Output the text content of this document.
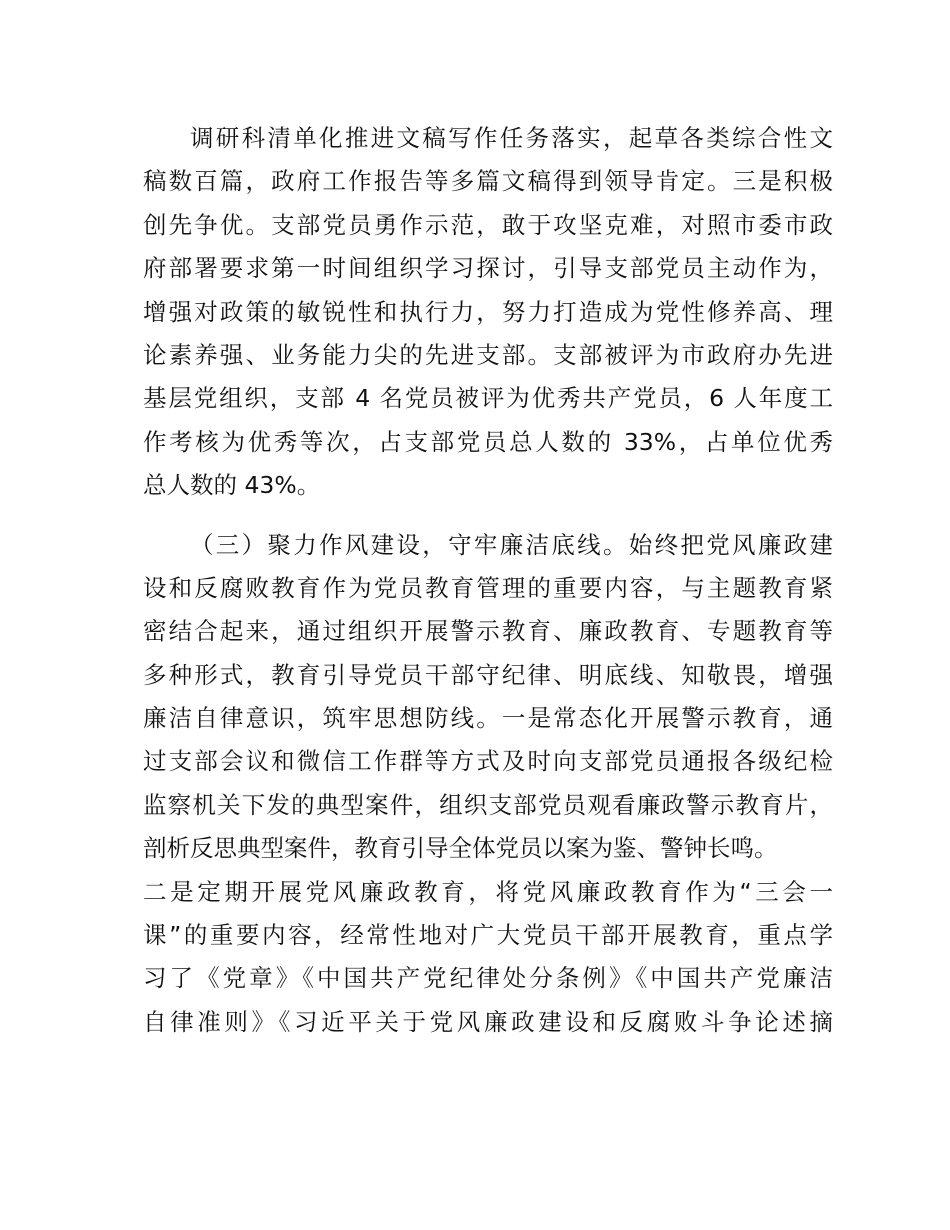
调研科清单化推进文稿写作任务落实，起草各类综合性文
稿数百篇，政府工作报告等多篇文稿得到领导肯定。三是积极
创先争优。支部党员勇作示范，敢于攻坚克难，对照市委市政
府部署要求第一时间组织学习探讨，引导支部党员主动作为，
增强对政策的敏锐性和执行力，努力打造成为党性修养高、理
论素养强、业务能力尖的先进支部。支部被评为市政府办先进
基层党组织，支部 4 名党员被评为优秀共产党员，6 人年度工
作考核为优秀等次，占支部党员总人数的 33%，占单位优秀
总人数的 43%。
（三）聚力作风建设，守牢廉洁底线。始终把党风廉政建
设和反腐败教育作为党员教育管理的重要内容，与主题教育紧
密结合起来，通过组织开展警示教育、廉政教育、专题教育等
多种形式，教育引导党员干部守纪律、明底线、知敬畏，增强
廉洁自律意识，筑牢思想防线。一是常态化开展警示教育，通
过支部会议和微信工作群等方式及时向支部党员通报各级纪检
监察机关下发的典型案件，组织支部党员观看廉政警示教育片，
剖析反思典型案件，教育引导全体党员以案为鉴、警钟长鸣。
二是定期开展党风廉政教育，将党风廉政教育作为“三会一
课”的重要内容，经常性地对广大党员干部开展教育，重点学
习了《党章》《中国共产党纪律处分条例》《中国共产党廉洁
自律准则》《习近平关于党风廉政建设和反腐败斗争论述摘
